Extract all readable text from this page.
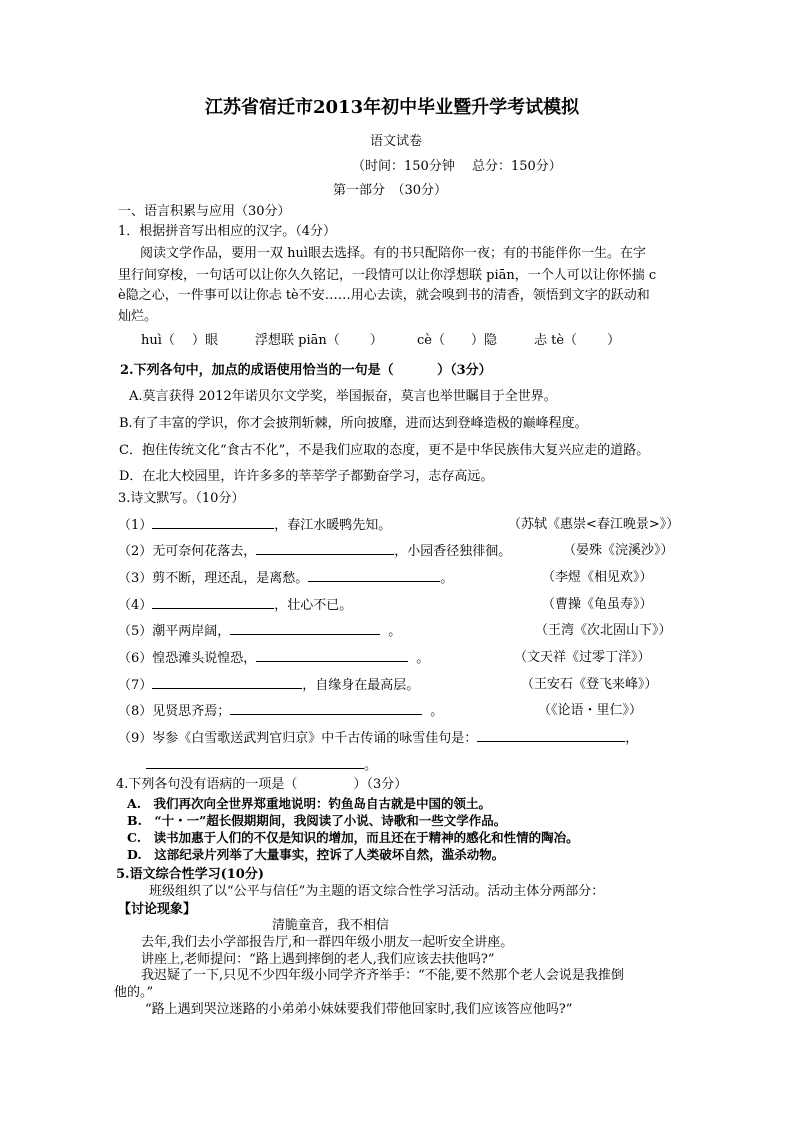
江苏省宿迁市2013年初中毕业暨升学考试模拟
语文试卷
（时间：150分钟　 总分：150分）
第一部分　（30分）
一、语言积累与应用（30分）
1．根据拼音写出相应的汉字。（4分）
阅读文学作品，要用一双 huì眼去选择。有的书只配陪你一夜；有的书能伴你一生。在字
里行间穿梭，一句话可以让你久久铭记，一段情可以让你浮想联 piān，一个人可以让你怀揣 c
è隐之心，一件事可以让你忐 tè不安……用心去读，就会嗅到书的清香，领悟到文字的跃动和
灿烂。
huì（　 ）眼	浮想联 piān（　　 ）	cè（　　）隐	忐 tè（　　 ）
2.下列各句中，加点的成语使用恰当的一句是（　　　 ）（3分）
A.莫言获得 2012年诺贝尔文学奖，举国振奋，莫言也举世瞩目于全世界。
B.有了丰富的学识，你才会披荆斩棘，所向披靡，进而达到登峰造极的巅峰程度。
C．抱住传统文化“食古不化”，不是我们应取的态度，更不是中华民族伟大复兴应走的道路。
D．在北大校园里，许许多多的莘莘学子都勤奋学习，志存高远。
3.诗文默写。（10分）
（1）	，春江水暖鸭先知。	（苏轼《惠崇<春江晚景>》）
（2）无可奈何花落去，	，小园香径独徘徊。	（晏殊《浣溪沙》）
（3）剪不断，理还乱，是离愁。	。	（李煜《相见欢》）
（4）	，壮心不已。	（曹操《龟虽寿》）
（5）潮平两岸阔，	。	（王湾《次北固山下》）
（6）惶恐滩头说惶恐，	。	（文天祥《过零丁洋》）
（7）	，自缘身在最高层。	（王安石《登飞来峰》）
（8）见贤思齐焉；	。	（《论语・里仁》）
（9）岑参《白雪歌送武判官归京》中千古传诵的咏雪佳句是：	，
。
4.下列各句没有语病的一项是（　　　　 ）（3分）
A.　我们再次向全世界郑重地说明：钓鱼岛自古就是中国的领土。
B.　“十・一”超长假期期间，我阅读了小说、诗歌和一些文学作品。
C.　读书加惠于人们的不仅是知识的增加，而且还在于精神的感化和性情的陶冶。
D.　这部纪录片列举了大量事实，控诉了人类破坏自然，滥杀动物。
5.语文综合性学习(10分)
班级组织了以“公平与信任”为主题的语文综合性学习活动。活动主体分两部分：
【讨论现象】
清脆童音，我不相信
去年,我们去小学部报告厅,和一群四年级小朋友一起听安全讲座。
讲座上,老师提问：“路上遇到摔倒的老人,我们应该去扶他吗?”
我迟疑了一下,只见不少四年级小同学齐齐举手：“不能,要不然那个老人会说是我推倒
他的。”
“路上遇到哭泣迷路的小弟弟小妹妹要我们带他回家时,我们应该答应他吗?”
